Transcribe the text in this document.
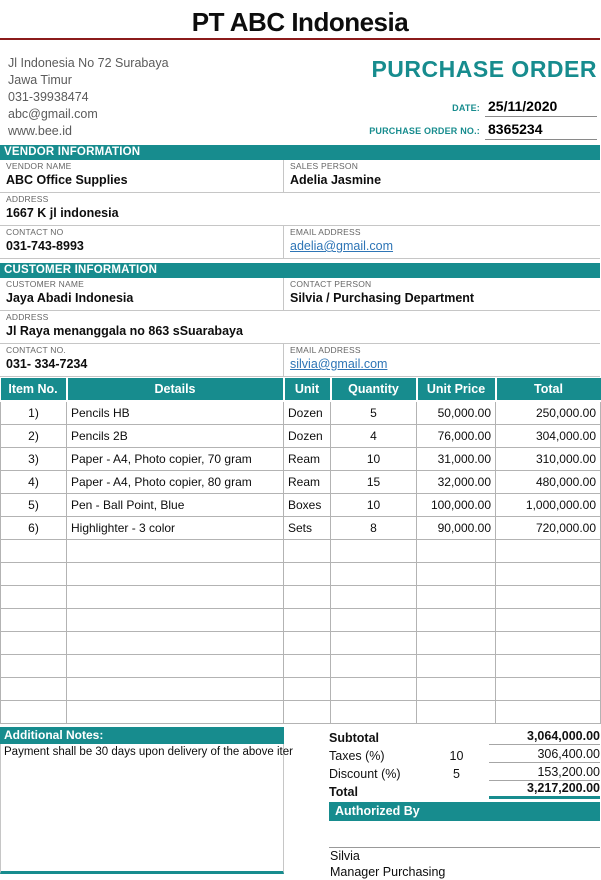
PT ABC Indonesia
Jl Indonesia No 72 Surabaya
Jawa Timur
031-39938474
abc@gmail.com
www.bee.id
PURCHASE ORDER
DATE: 25/11/2020
PURCHASE ORDER NO.: 8365234
VENDOR INFORMATION
VENDOR NAME
ABC Office Supplies
SALES PERSON
Adelia Jasmine
ADDRESS
1667 K jl indonesia
CONTACT NO
031-743-8993
EMAIL ADDRESS
adelia@gmail.com
CUSTOMER INFORMATION
CUSTOMER NAME
Jaya Abadi Indonesia
CONTACT PERSON
Silvia / Purchasing Department
ADDRESS
Jl Raya menanggala no 863 sSuarabaya
CONTACT NO.
031- 334-7234
EMAIL ADDRESS
silvia@gmail.com
Item No.	Details	Unit	Quantity	Unit Price	Total
1)	Pencils HB	Dozen	5	50,000.00	250,000.00
2)	Pencils 2B	Dozen	4	76,000.00	304,000.00
3)	Paper - A4, Photo copier, 70 gram	Ream	10	31,000.00	310,000.00
4)	Paper - A4, Photo copier, 80 gram	Ream	15	32,000.00	480,000.00
5)	Pen - Ball Point, Blue	Boxes	10	100,000.00	1,000,000.00
6)	Highlighter - 3 color	Sets	8	90,000.00	720,000.00

Additional Notes:
Payment shall be 30 days upon delivery of the above iter
Subtotal	3,064,000.00
Taxes (%)	10	306,400.00
Discount (%)	5	153,200.00
Total	3,217,200.00
Authorized By
Silvia
Manager Purchasing
